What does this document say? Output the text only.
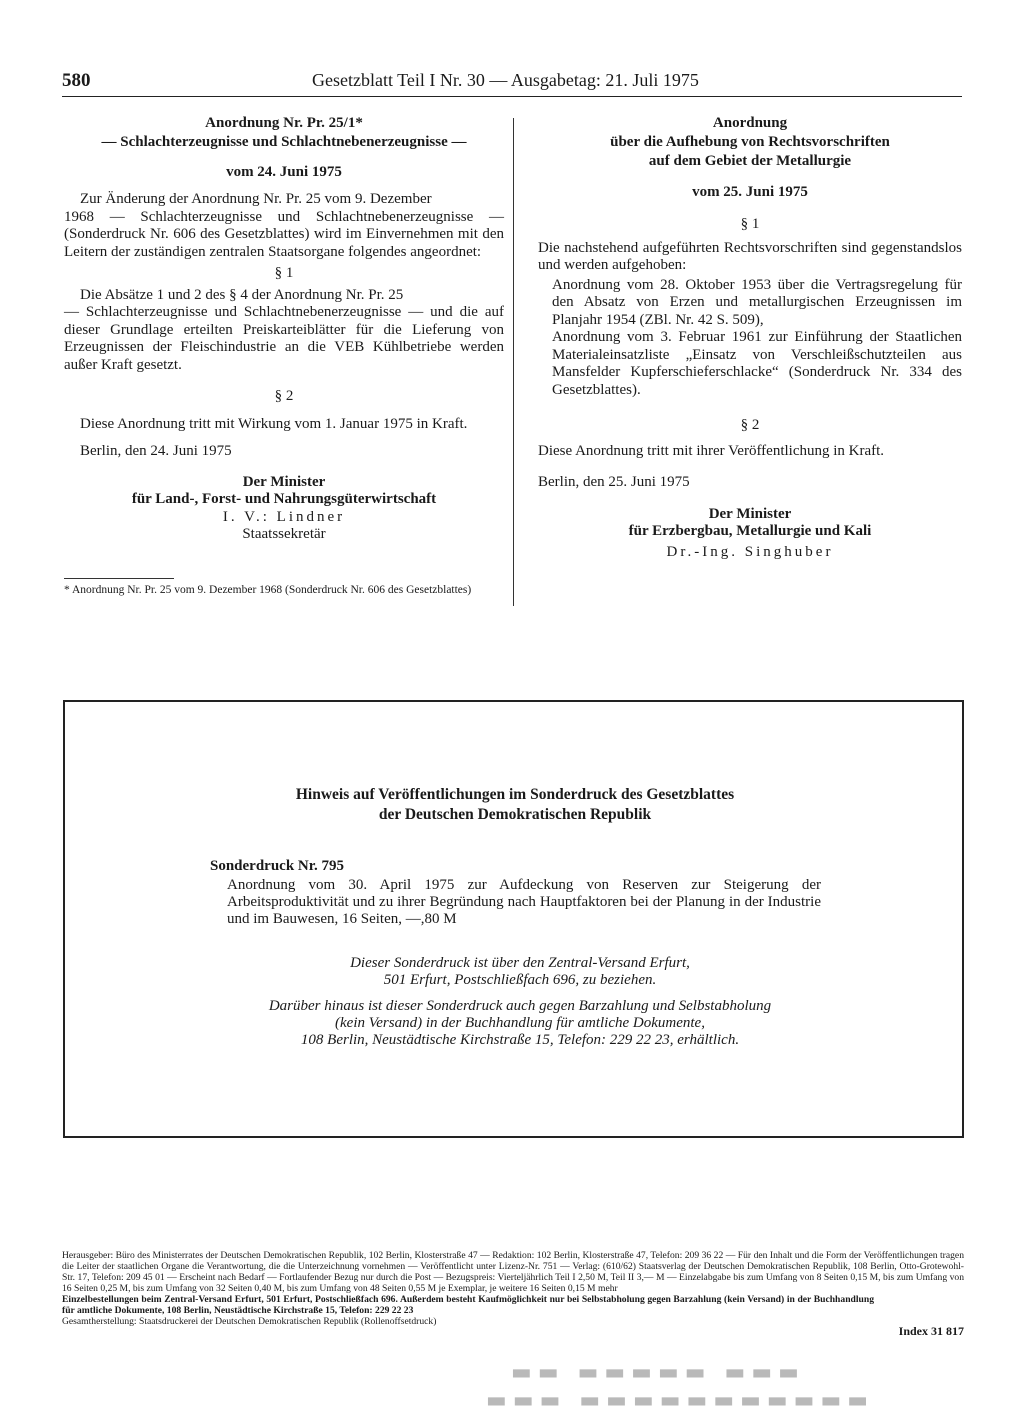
580	Gesetzblatt Teil I Nr. 30 — Ausgabetag: 21. Juli 1975
Anordnung Nr. Pr. 25/1*
— Schlachterzeugnisse und Schlachtnebenerzeugnisse —
vom 24. Juni 1975

Zur Änderung der Anordnung Nr. Pr. 25 vom 9. Dezember

1968 — Schlachterzeugnisse und Schlachtnebenerzeugnisse — (Sonderdruck Nr. 606 des Gesetzblattes) wird im Einvernehmen mit den Leitern der zuständigen zentralen Staatsorgane folgendes angeordnet:

§ 1

Die Absätze 1 und 2 des § 4 der Anordnung Nr. Pr. 25

— Schlachterzeugnisse und Schlachtnebenerzeugnisse — und die auf dieser Grundlage erteilten Preiskarteiblätter für die Lieferung von Erzeugnissen der Fleischindustrie an die VEB Kühlbetriebe werden außer Kraft gesetzt.

§ 2

Diese Anordnung tritt mit Wirkung vom 1. Januar 1975 in Kraft.

Berlin, den 24. Juni 1975

Der Minister
für Land-, Forst- und Nahrungsgüterwirtschaft
I. V.: Lindner
Staatssekretär
* Anordnung Nr. Pr. 25 vom 9. Dezember 1968 (Sonderdruck Nr. 606 des Gesetzblattes)
Anordnung
über die Aufhebung von Rechtsvorschriften
auf dem Gebiet der Metallurgie
vom 25. Juni 1975
§ 1

Die nachstehend aufgeführten Rechtsvorschriften sind gegenstandslos und werden aufgehoben:

Anordnung vom 28. Oktober 1953 über die Vertragsregelung für den Absatz von Erzen und metallurgischen Erzeugnissen im Planjahr 1954 (ZBl. Nr. 42 S. 509),

Anordnung vom 3. Februar 1961 zur Einführung der Staatlichen Materialeinsatzliste „Einsatz von Verschleißschutzteilen aus Mansfelder Kupferschieferschlacke“ (Sonderdruck Nr. 334 des Gesetzblattes).

§ 2

Diese Anordnung tritt mit ihrer Veröffentlichung in Kraft.

Berlin, den 25. Juni 1975

Der Minister
für Erzbergbau, Metallurgie und Kali
Dr.-Ing. Singhuber
Hinweis auf Veröffentlichungen im Sonderdruck des Gesetzblattes
der Deutschen Demokratischen Republik
Sonderdruck Nr. 795
Anordnung vom 30. April 1975 zur Aufdeckung von Reserven zur Steigerung der Arbeitsproduktivität und zu ihrer Begründung nach Hauptfaktoren bei der Planung in der Industrie und im Bauwesen, 16 Seiten, —,80 M

Dieser Sonderdruck ist über den Zentral-Versand Erfurt,

501 Erfurt, Postschließfach 696, zu beziehen.

Darüber hinaus ist dieser Sonderdruck auch gegen Barzahlung und Selbstabholung

(kein Versand) in der Buchhandlung für amtliche Dokumente,

108 Berlin, Neustädtische Kirchstraße 15, Telefon: 229 22 23, erhältlich.

Herausgeber: Büro des Ministerrates der Deutschen Demokratischen Republik, 102 Berlin, Klosterstraße 47 — Redaktion: 102 Berlin, Klosterstraße 47, Telefon: 209 36 22 — Für den Inhalt und die Form der Veröffentlichungen tragen die Leiter der staatlichen Organe die Verantwortung, die die Unterzeichnung vornehmen — Veröffentlicht unter Lizenz-Nr. 751 — Verlag: (610/62) Staatsverlag der Deutschen Demokratischen Republik, 108 Berlin, Otto-Grotewohl-Str. 17, Telefon: 209 45 01 — Erscheint nach Bedarf — Fortlaufender Bezug nur durch die Post — Bezugspreis: Vierteljährlich Teil I 2,50 M, Teil II 3,— M — Einzelabgabe bis zum Umfang von 8 Seiten 0,15 M, bis zum Umfang von 16 Seiten 0,25 M, bis zum Umfang von 32 Seiten 0,40 M, bis zum Umfang von 48 Seiten 0,55 M je Exemplar, je weitere 16 Seiten 0,15 M mehr

Einzelbestellungen beim Zentral-Versand Erfurt, 501 Erfurt, Postschließfach 696. Außerdem besteht Kaufmöglichkeit nur bei Selbstabholung gegen Barzahlung (kein Versand) in der Buchhandlung für amtliche Dokumente, 108 Berlin, Neustädtische Kirchstraße 15, Telefon: 229 22 23

Gesamtherstellung: Staatsdruckerei der Deutschen Demokratischen Republik (Rollenoffsetdruck)

Index 31 817
▬▬▬ ▬▬▬▬▬ ▬▬
▬▬▬▬▬▬▬▬▬▬▬ ▬▬▬
